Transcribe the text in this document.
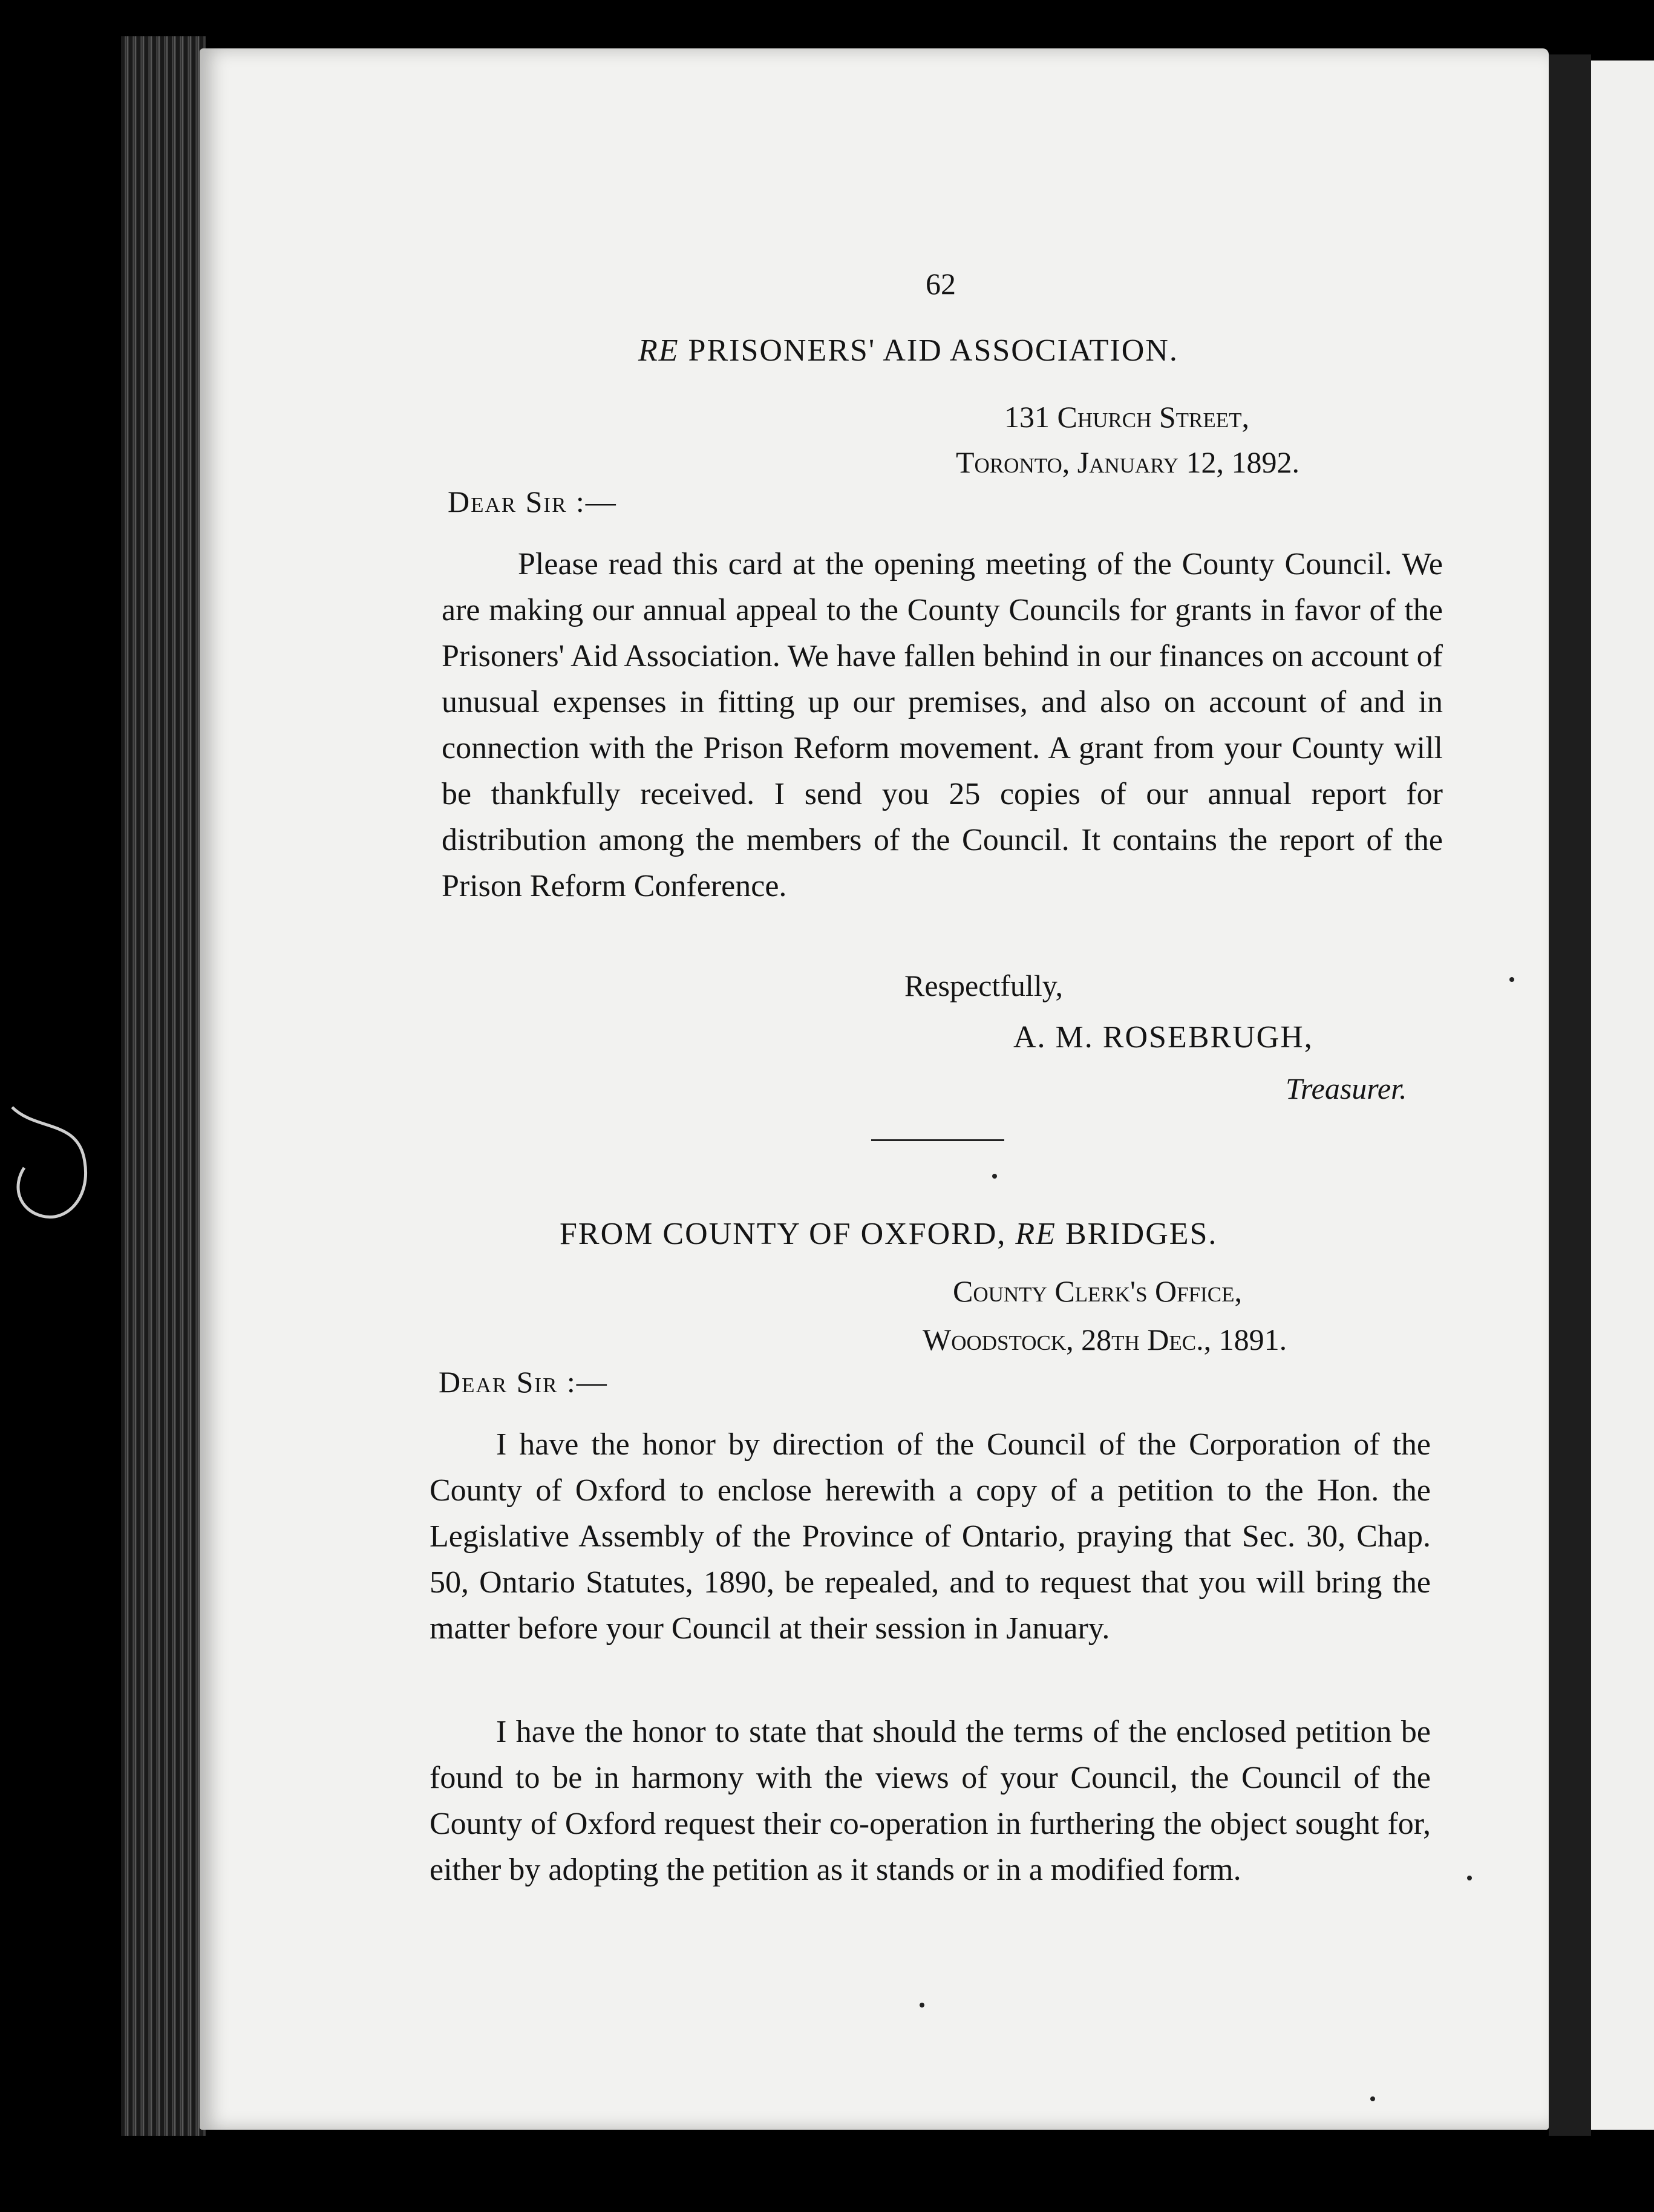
62
RE PRISONERS' AID ASSOCIATION.
131 Church Street,
Toronto, January 12, 1892.
Dear Sir :—
Please read this card at the opening meeting of the County Council. We are making our annual appeal to the County Councils for grants in favor of the Prisoners' Aid Association. We have fallen behind in our finances on account of unusual expenses in fitting up our premises, and also on account of and in connection with the Prison Reform movement. A grant from your County will be thankfully received. I send you 25 copies of our annual report for distribution among the members of the Council. It contains the report of the Prison Reform Conference.
Respectfully,
A. M. ROSEBRUGH,
Treasurer.
FROM COUNTY OF OXFORD, RE BRIDGES.
County Clerk's Office,
Woodstock, 28th Dec., 1891.
Dear Sir :—
I have the honor by direction of the Council of the Corporation of the County of Oxford to enclose herewith a copy of a petition to the Hon. the Legislative Assembly of the Province of Ontario, praying that Sec. 30, Chap. 50, Ontario Statutes, 1890, be repealed, and to request that you will bring the matter before your Council at their session in January.
I have the honor to state that should the terms of the enclosed petition be found to be in harmony with the views of your Council, the Council of the County of Oxford request their co-operation in furthering the object sought for, either by adopting the petition as it stands or in a modified form.
